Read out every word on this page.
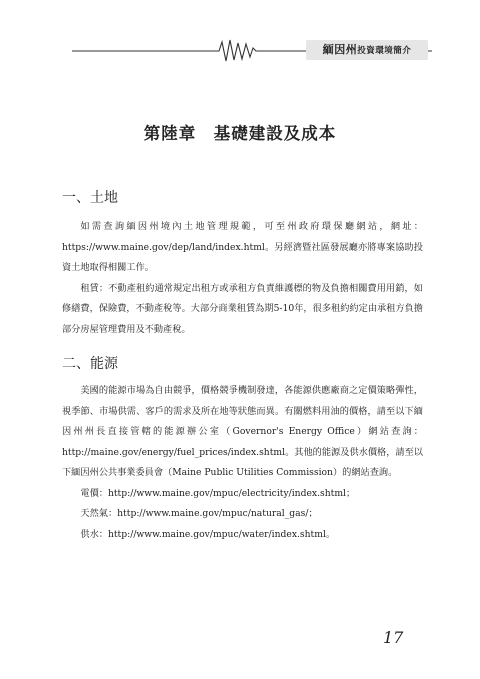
緬因州投資環境簡介
第陸章　基礎建設及成本
一、土地

如需查詢緬因州境內土地管理規範，可至州政府環保廳網站，網址：https://www.maine.gov/dep/land/index.html。另經濟暨社區發展廳亦將專案協助投資土地取得相關工作。

租賃：不動產租約通常規定出租方或承租方負責維護標的物及負擔相關費用用銷，如修繕費，保險費，不動產稅等。大部分商業租賃為期5-10年，很多租約約定由承租方負擔部分房屋管理費用及不動產稅。

二、能源

美國的能源市場為自由競爭，價格競爭機制發達，各能源供應廠商之定價策略彈性，視季節、市場供需、客戶的需求及所在地等狀態而異。有關燃料用油的價格，請至以下緬因州州長直接管轄的能源辦公室（Governor's Energy Office）網站查詢：http://maine.gov/energy/fuel_prices/index.shtml。其他的能源及供水價格，請至以下緬因州公共事業委員會（Maine Public Utilities Commission）的網站查詢。

電價：http://www.maine.gov/mpuc/electricity/index.shtml；
天然氣：http://www.maine.gov/mpuc/natural_gas/；
供水：http://www.maine.gov/mpuc/water/index.shtml。
17
